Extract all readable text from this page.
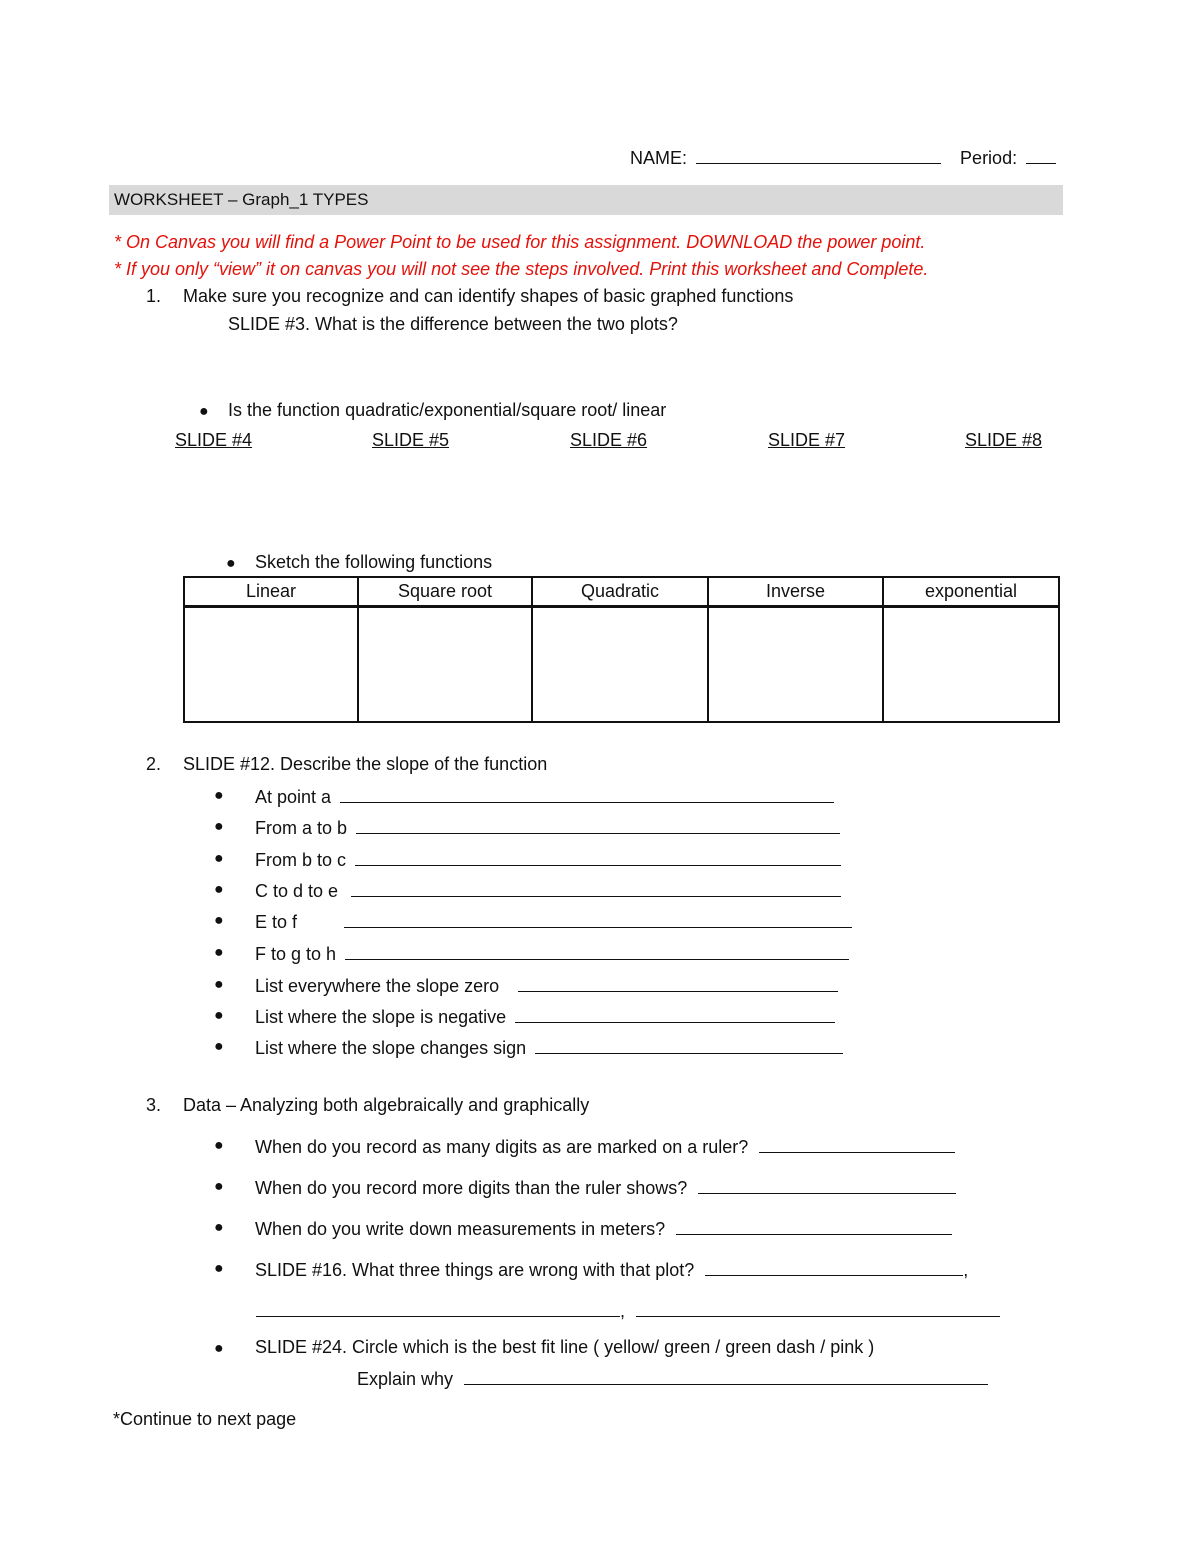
NAME:	Period:
WORKSHEET – Graph_1 TYPES
* On Canvas you will find a Power Point to be used for this assignment. DOWNLOAD the power point.
* If you only “view” it on canvas you will not see the steps involved. Print this worksheet and Complete.
1. Make sure you recognize and can identify shapes of basic graphed functions
SLIDE #3. What is the difference between the two plots?
● Is the function quadratic/exponential/square root/ linear
SLIDE #4	SLIDE #5	SLIDE #6	SLIDE #7	SLIDE #8
● Sketch the following functions
Linear	Square root	Quadratic	Inverse	exponential

2. SLIDE #12. Describe the slope of the function
● At point a
● From a to b
● From b to c
● C to d to e
● E to f
● F to g to h
● List everywhere the slope zero
● List where the slope is negative
● List where the slope changes sign
3. Data – Analyzing both algebraically and graphically
● When do you record as many digits as are marked on a ruler?
● When do you record more digits than the ruler shows?
● When do you write down measurements in meters?
● SLIDE #16. What three things are wrong with that plot?	,
,
● SLIDE #24. Circle which is the best fit line ( yellow/ green / green dash / pink )
Explain why
*Continue to next page
